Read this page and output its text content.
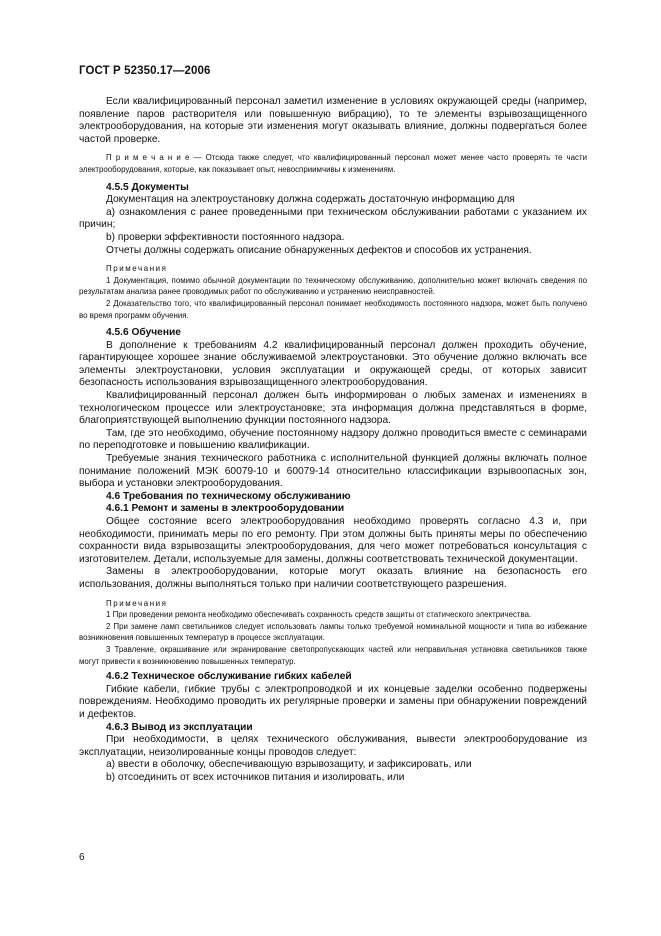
ГОСТ Р 52350.17—2006

Если квалифицированный персонал заметил изменение в условиях окружающей среды (например, появление паров растворителя или повышенную вибрацию), то те элементы взрывозащищенного электрооборудования, на которые эти изменения могут оказывать влияние, должны подвергаться более частой проверке.

П р и м е ч а н и е — Отсюда также следует, что квалифицированный персонал может менее часто проверять те части электрооборудования, которые, как показывает опыт, невосприимчивы к изменениям.

4.5.5 Документы

Документация на электроустановку должна содержать достаточную информацию для

a) ознакомления с ранее проведенными при техническом обслуживании работами с указанием их причин;

b) проверки эффективности постоянного надзора.

Отчеты должны содержать описание обнаруженных дефектов и способов их устранения.

Примечания

1 Документация, помимо обычной документации по техническому обслуживанию, дополнительно может включать сведения по результатам анализа ранее проводимых работ по обслуживанию и устранению неисправностей.

2 Доказательство того, что квалифицированный персонал понимает необходимость постоянного надзора, может быть получено во время программ обучения.

4.5.6 Обучение

В дополнение к требованиям 4.2 квалифицированный персонал должен проходить обучение, гарантирующее хорошее знание обслуживаемой электроустановки. Это обучение должно включать все элементы электроустановки, условия эксплуатации и окружающей среды, от которых зависит безопасность использования взрывозащищенного электрооборудования.

Квалифицированный персонал должен быть информирован о любых заменах и изменениях в технологическом процессе или электроустановке; эта информация должна представляться в форме, благоприятствующей выполнению функции постоянного надзора.

Там, где это необходимо, обучение постоянному надзору должно проводиться вместе с семинарами по переподготовке и повышению квалификации.

Требуемые знания технического работника с исполнительной функцией должны включать полное понимание положений МЭК 60079-10 и 60079-14 относительно классификации взрывоопасных зон, выбора и установки электрооборудования.

4.6 Требования по техническому обслуживанию

4.6.1 Ремонт и замены в электрооборудовании

Общее состояние всего электрооборудования необходимо проверять согласно 4.3 и, при необходимости, принимать меры по его ремонту. При этом должны быть приняты меры по обеспечению сохранности вида взрывозащиты электрооборудования, для чего может потребоваться консультация с изготовителем. Детали, используемые для замены, должны соответствовать технической документации.

Замены в электрооборудовании, которые могут оказать влияние на безопасность его использования, должны выполняться только при наличии соответствующего разрешения.

Примечания

1 При проведении ремонта необходимо обеспечивать сохранность средств защиты от статического электричества.

2 При замене ламп светильников следует использовать лампы только требуемой номинальной мощности и типа во избежание возникновения повышенных температур в процессе эксплуатации.

3 Травление, окрашивание или экранирование светопропускающих частей или неправильная установка светильников также могут привести к возникновению повышенных температур.

4.6.2 Техническое обслуживание гибких кабелей

Гибкие кабели, гибкие трубы с электропроводкой и их концевые заделки особенно подвержены повреждениям. Необходимо проводить их регулярные проверки и замены при обнаружении повреждений и дефектов.

4.6.3 Вывод из эксплуатации

При необходимости, в целях технического обслуживания, вывести электрооборудование из эксплуатации, неизолированные концы проводов следует:

a) ввести в оболочку, обеспечивающую взрывозащиту, и зафиксировать, или

b) отсоединить от всех источников питания и изолировать, или

6
